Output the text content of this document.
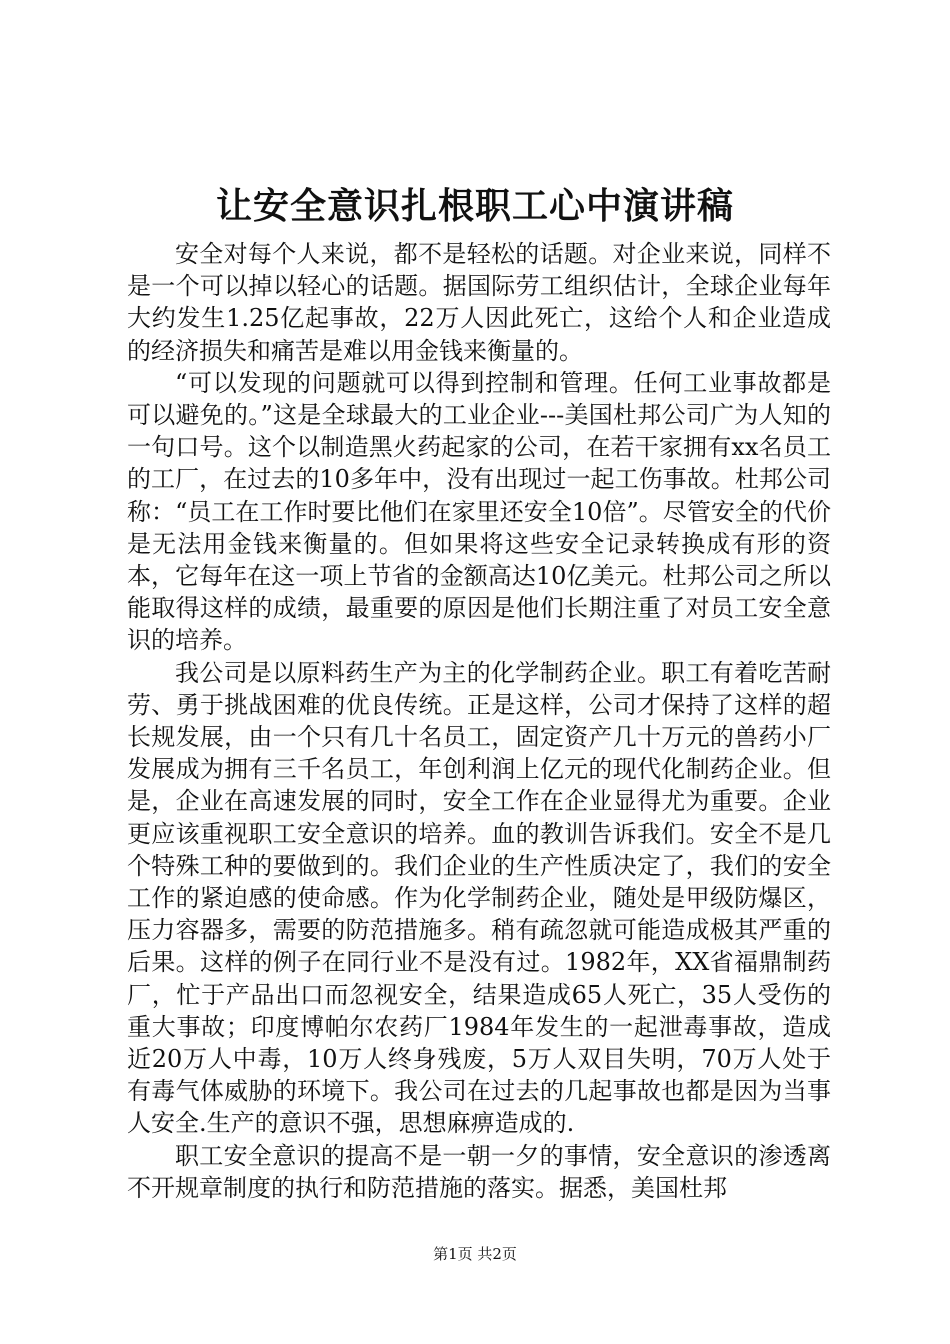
让安全意识扎根职工心中演讲稿

安全对每个人来说，都不是轻松的话题。对企业来说，同样不是一个可以掉以轻心的话题。据国际劳工组织估计，全球企业每年大约发生1.25亿起事故，22万人因此死亡，这给个人和企业造成的经济损失和痛苦是难以用金钱来衡量的。

“可以发现的问题就可以得到控制和管理。任何工业事故都是可以避免的。”这是全球最大的工业企业---美国杜邦公司广为人知的一句口号。这个以制造黑火药起家的公司，在若干家拥有xx名员工的工厂，在过去的10多年中，没有出现过一起工伤事故。杜邦公司称：“员工在工作时要比他们在家里还安全10倍”。尽管安全的代价是无法用金钱来衡量的。但如果将这些安全记录转换成有形的资本，它每年在这一项上节省的金额高达10亿美元。杜邦公司之所以能取得这样的成绩，最重要的原因是他们长期注重了对员工安全意识的培养。

我公司是以原料药生产为主的化学制药企业。职工有着吃苦耐劳、勇于挑战困难的优良传统。正是这样，公司才保持了这样的超长规发展，由一个只有几十名员工，固定资产几十万元的兽药小厂发展成为拥有三千名员工，年创利润上亿元的现代化制药企业。但是，企业在高速发展的同时，安全工作在企业显得尤为重要。企业更应该重视职工安全意识的培养。血的教训告诉我们。安全不是几个特殊工种的要做到的。我们企业的生产性质决定了，我们的安全工作的紧迫感的使命感。作为化学制药企业，随处是甲级防爆区，压力容器多，需要的防范措施多。稍有疏忽就可能造成极其严重的后果。这样的例子在同行业不是没有过。1982年，XX省福鼎制药厂，忙于产品出口而忽视安全，结果造成65人死亡，35人受伤的重大事故；印度博帕尔农药厂1984年发生的一起泄毒事故，造成近20万人中毒，10万人终身残废，5万人双目失明，70万人处于有毒气体威胁的环境下。我公司在过去的几起事故也都是因为当事人安全.生产的意识不强，思想麻痹造成的.

职工安全意识的提高不是一朝一夕的事情，安全意识的渗透离不开规章制度的执行和防范措施的落实。据悉，美国杜邦

第1页 共2页
